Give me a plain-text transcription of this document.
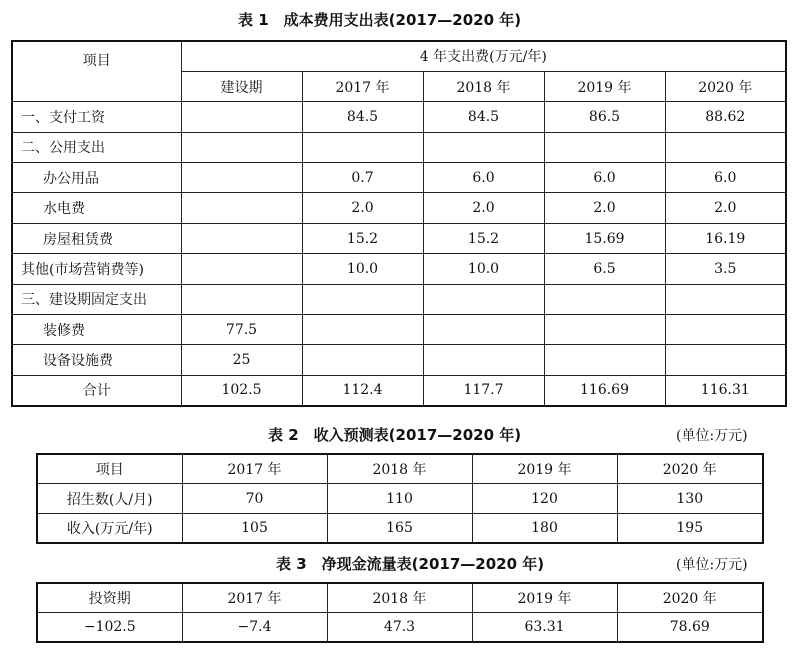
表 1　成本费用支出表(2017—2020 年)
项目	4 年支出费(万元/年)				
	建设期	2017 年	2018 年	2019 年	2020 年
一、支付工资		84.5	84.5	86.5	88.62
二、公用支出					
办公用品		0.7	6.0	6.0	6.0
水电费		2.0	2.0	2.0	2.0
房屋租赁费		15.2	15.2	15.69	16.19
其他(市场营销费等)		10.0	10.0	6.5	3.5
三、建设期固定支出					
装修费	77.5				
设备设施费	25				
合计	102.5	112.4	117.7	116.69	116.31
表 2　收入预测表(2017—2020 年)	(单位:万元)
项目	2017 年	2018 年	2019 年	2020 年
招生数(人/月)	70	110	120	130
收入(万元/年)	105	165	180	195
表 3　净现金流量表(2017—2020 年)	(单位:万元)
投资期	2017 年	2018 年	2019 年	2020 年
−102.5	−7.4	47.3	63.31	78.69
